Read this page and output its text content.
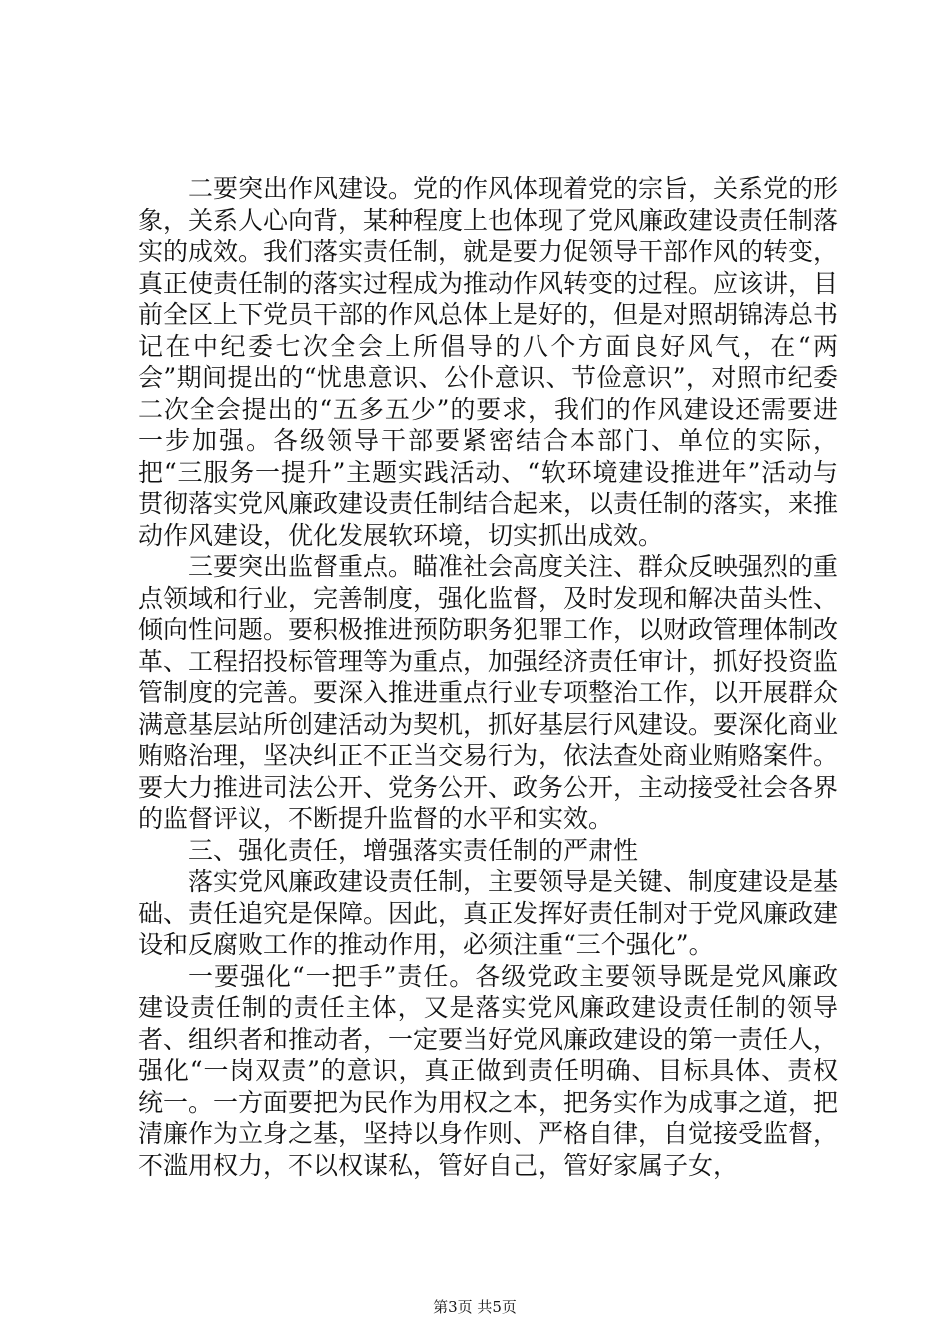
二要突出作风建设。党的作风体现着党的宗旨，关系党的形象，关系人心向背，某种程度上也体现了党风廉政建设责任制落实的成效。我们落实责任制，就是要力促领导干部作风的转变，真正使责任制的落实过程成为推动作风转变的过程。应该讲，目前全区上下党员干部的作风总体上是好的，但是对照胡锦涛总书记在中纪委七次全会上所倡导的八个方面良好风气，在“两会”期间提出的“忧患意识、公仆意识、节俭意识”，对照市纪委二次全会提出的“五多五少”的要求，我们的作风建设还需要进一步加强。各级领导干部要紧密结合本部门、单位的实际，把“三服务一提升”主题实践活动、“软环境建设推进年”活动与贯彻落实党风廉政建设责任制结合起来，以责任制的落实，来推动作风建设，优化发展软环境，切实抓出成效。

三要突出监督重点。瞄准社会高度关注、群众反映强烈的重点领域和行业，完善制度，强化监督，及时发现和解决苗头性、倾向性问题。要积极推进预防职务犯罪工作，以财政管理体制改革、工程招投标管理等为重点，加强经济责任审计，抓好投资监管制度的完善。要深入推进重点行业专项整治工作，以开展群众满意基层站所创建活动为契机，抓好基层行风建设。要深化商业贿赂治理，坚决纠正不正当交易行为，依法查处商业贿赂案件。要大力推进司法公开、党务公开、政务公开，主动接受社会各界的监督评议，不断提升监督的水平和实效。

三、强化责任，增强落实责任制的严肃性

落实党风廉政建设责任制，主要领导是关键、制度建设是基础、责任追究是保障。因此，真正发挥好责任制对于党风廉政建设和反腐败工作的推动作用，必须注重“三个强化”。

一要强化“一把手”责任。各级党政主要领导既是党风廉政建设责任制的责任主体，又是落实党风廉政建设责任制的领导者、组织者和推动者，一定要当好党风廉政建设的第一责任人，强化“一岗双责”的意识，真正做到责任明确、目标具体、责权统一。一方面要把为民作为用权之本，把务实作为成事之道，把清廉作为立身之基，坚持以身作则、严格自律，自觉接受监督，不滥用权力，不以权谋私，管好自己，管好家属子女，

第3页 共5页
